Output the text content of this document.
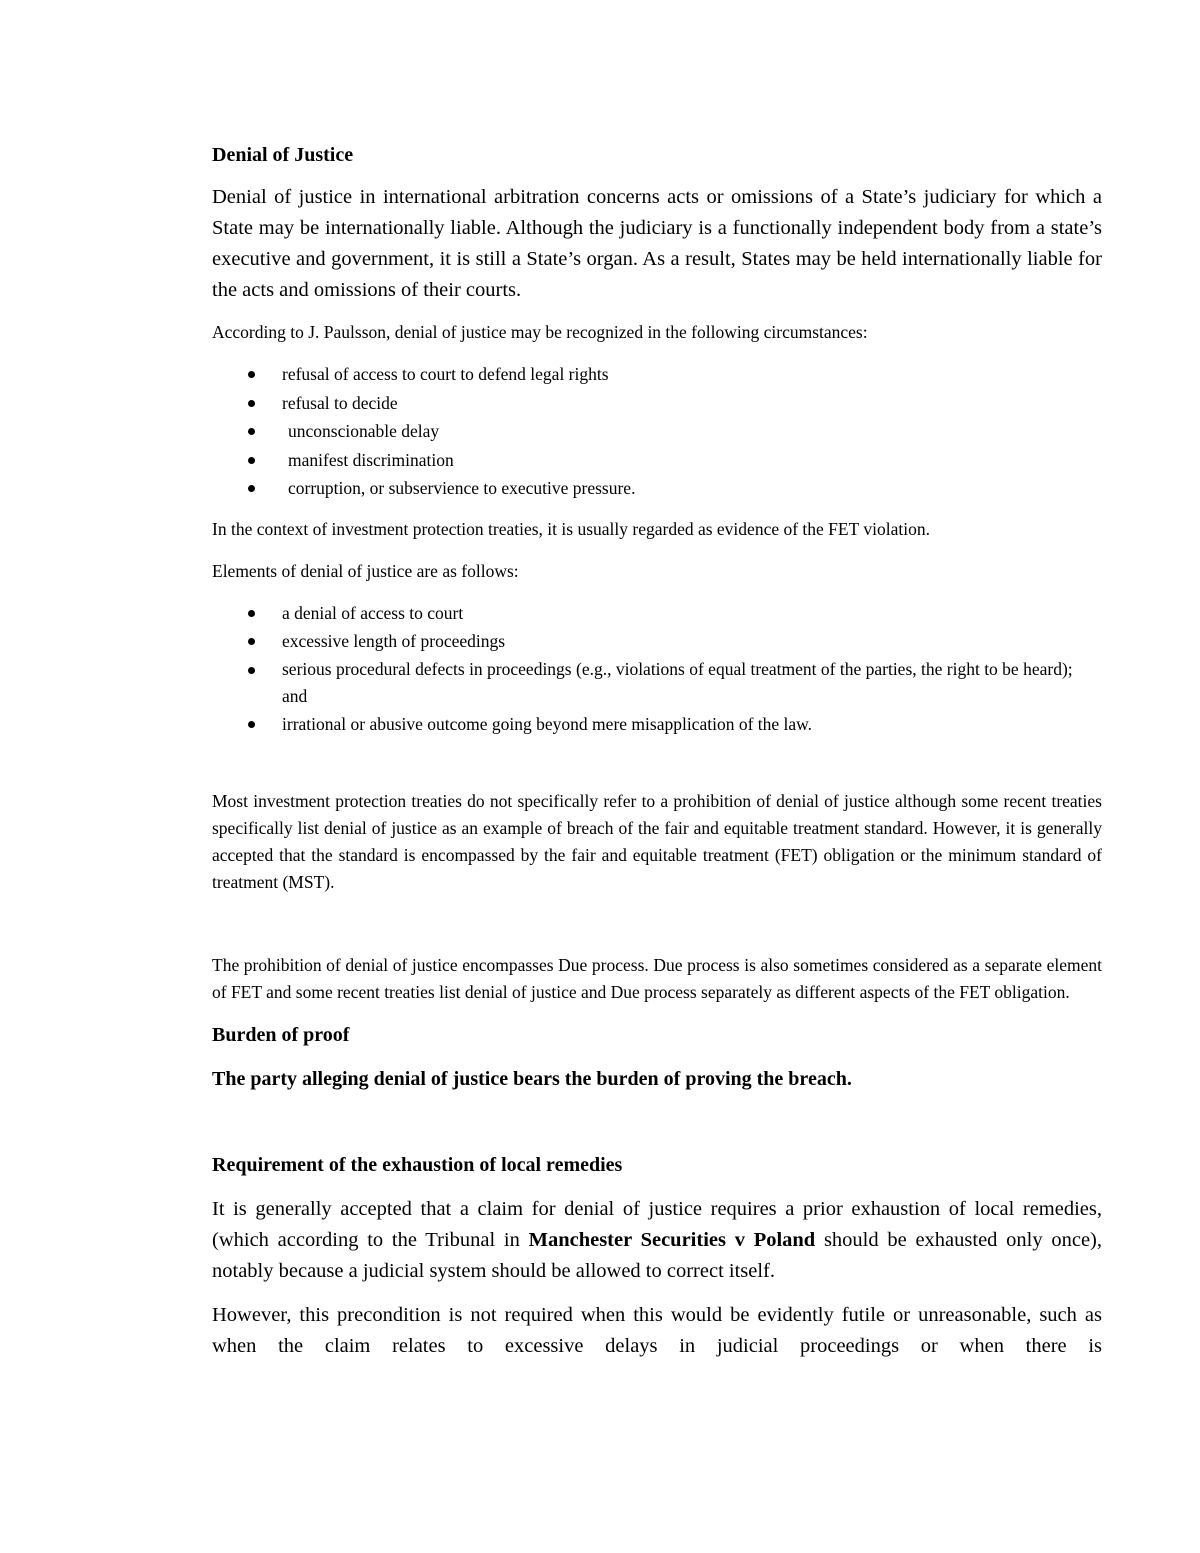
Denial of Justice

Denial of justice in international arbitration concerns acts or omissions of a State’s judiciary for which a State may be internationally liable. Although the judiciary is a functionally independent body from a state’s executive and government, it is still a State’s organ. As a result, States may be held internationally liable for the acts and omissions of their courts.

According to J. Paulsson, denial of justice may be recognized in the following circumstances:

refusal of access to court to defend legal rights
refusal to decide
unconscionable delay
manifest discrimination
corruption, or subservience to executive pressure.

In the context of investment protection treaties, it is usually regarded as evidence of the FET violation.

Elements of denial of justice are as follows:

a denial of access to court
excessive length of proceedings
serious procedural defects in proceedings (e.g., violations of equal treatment of the parties, the right to be heard); and
irrational or abusive outcome going beyond mere misapplication of the law.

Most investment protection treaties do not specifically refer to a prohibition of denial of justice although some recent treaties specifically list denial of justice as an example of breach of the fair and equitable treatment standard. However, it is generally accepted that the standard is encompassed by the fair and equitable treatment (FET) obligation or the minimum standard of treatment (MST).

The prohibition of denial of justice encompasses Due process. Due process is also sometimes considered as a separate element of FET and some recent treaties list denial of justice and Due process separately as different aspects of the FET obligation.

Burden of proof

The party alleging denial of justice bears the burden of proving the breach.

Requirement of the exhaustion of local remedies

It is generally accepted that a claim for denial of justice requires a prior exhaustion of local remedies, (which according to the Tribunal in Manchester Securities v Poland should be exhausted only once), notably because a judicial system should be allowed to correct itself.

However, this precondition is not required when this would be evidently futile or unreasonable, such as when the claim relates to excessive delays in judicial proceedings or when there is
